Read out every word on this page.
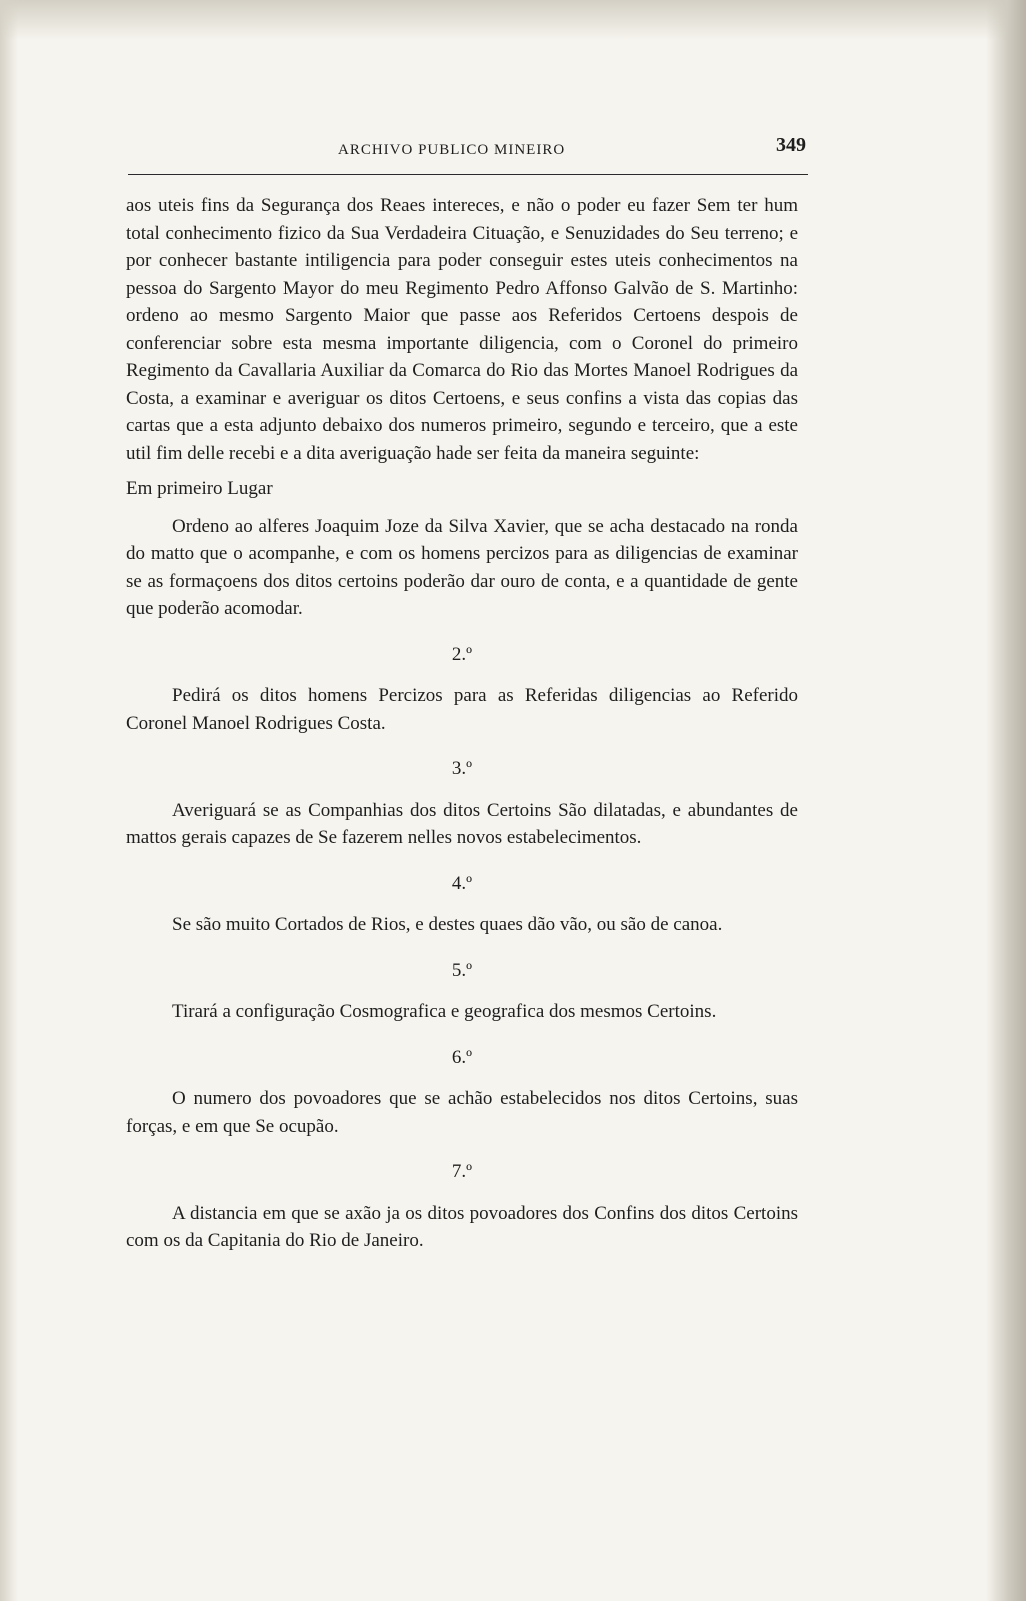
ARCHIVO PUBLICO MINEIRO	349

aos uteis fins da Segurança dos Reaes intereces, e não o poder eu fazer Sem ter hum total conhecimento fizico da Sua Verdadeira Cituação, e Senuzidades do Seu terreno; e por conhecer bastante intiligencia para poder conseguir estes uteis conhecimentos na pessoa do Sargento Mayor do meu Regimento Pedro Affonso Galvão de S. Martinho: ordeno ao mesmo Sargento Maior que passe aos Referidos Certoens despois de conferenciar sobre esta mesma importante diligencia, com o Coronel do primeiro Regimento da Cavallaria Auxiliar da Comarca do Rio das Mortes Manoel Rodrigues da Costa, a examinar e averiguar os ditos Certoens, e seus confins a vista das copias das cartas que a esta adjunto debaixo dos numeros primeiro, segundo e terceiro, que a este util fim delle recebi e a dita averiguação hade ser feita da maneira seguinte:

Em primeiro Lugar

Ordeno ao alferes Joaquim Joze da Silva Xavier, que se acha destacado na ronda do matto que o acompanhe, e com os homens percizos para as diligencias de examinar se as formaçoens dos ditos certoins poderão dar ouro de conta, e a quantidade de gente que poderão acomodar.

2.º

Pedirá os ditos homens Percizos para as Referidas diligencias ao Referido Coronel Manoel Rodrigues Costa.

3.º

Averiguará se as Companhias dos ditos Certoins São dilatadas, e abundantes de mattos gerais capazes de Se fazerem nelles novos estabelecimentos.

4.º

Se são muito Cortados de Rios, e destes quaes dão vão, ou são de canoa.

5.º

Tirará a configuração Cosmografica e geografica dos mesmos Certoins.

6.º

O numero dos povoadores que se achão estabelecidos nos ditos Certoins, suas forças, e em que Se ocupão.

7.º

A distancia em que se axão ja os ditos povoadores dos Confins dos ditos Certoins com os da Capitania do Rio de Janeiro.
